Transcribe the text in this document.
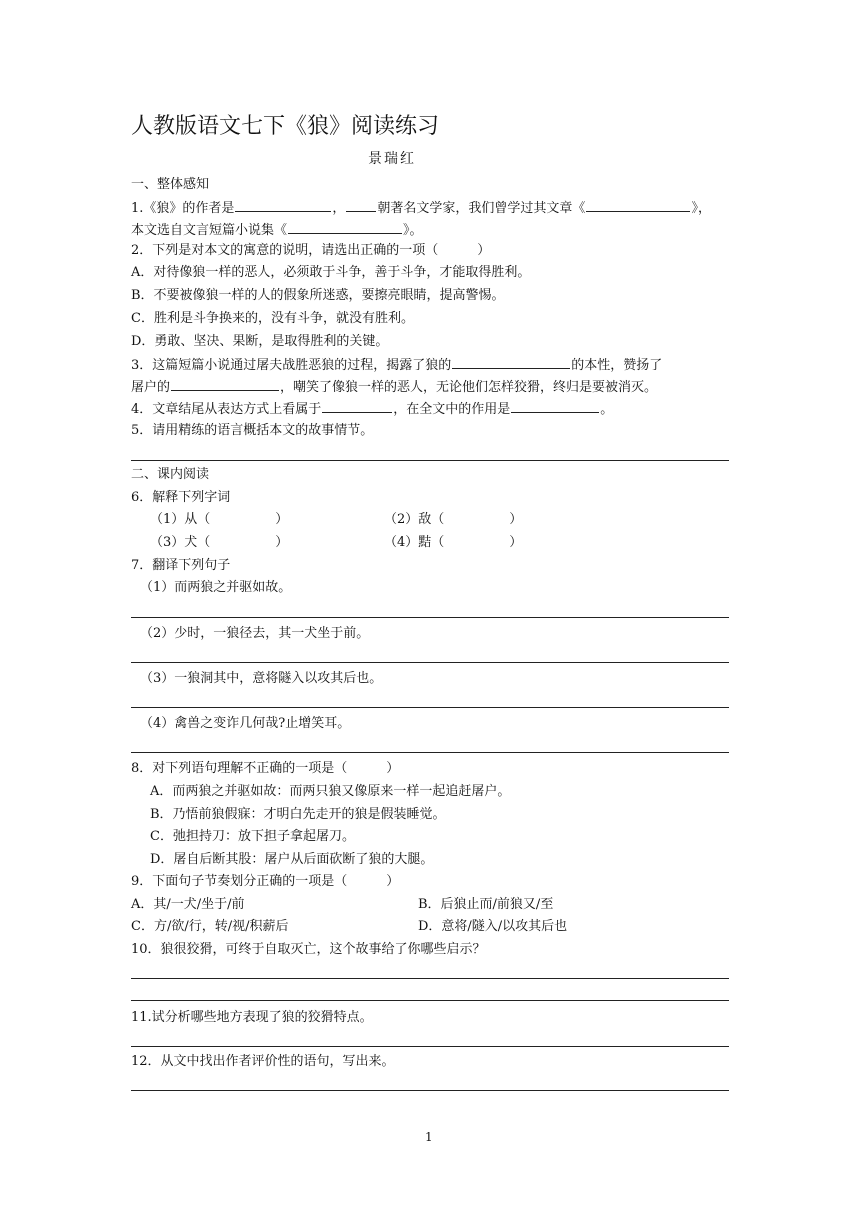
人教版语文七下《狼》阅读练习
景瑞红
一、整体感知
1.《狼》的作者是	， 朝著名文学家，我们曾学过其文章《	》，
本文选自文言短篇小说集《	》。
2．下列是对本文的寓意的说明，请选出正确的一项（　　　）
A．对待像狼一样的恶人，必须敢于斗争，善于斗争，才能取得胜利。
B．不要被像狼一样的人的假象所迷惑，要擦亮眼睛，提高警惕。
C．胜利是斗争换来的，没有斗争，就没有胜利。
D．勇敢、坚决、果断，是取得胜利的关键。
3．这篇短篇小说通过屠夫战胜恶狼的过程，揭露了狼的	的本性，赞扬了
屠户的	，嘲笑了像狼一样的恶人，无论他们怎样狡猾，终归是要被消灭。
4．文章结尾从表达方式上看属于	，在全文中的作用是	。
5．请用精练的语言概括本文的故事情节。
二、课内阅读
6．解释下列字词
（1）从（　　　　　）	（2）敌（　　　　　）
（3）犬（　　　　　）	（4）黠（　　　　　）
7．翻译下列句子
（1）而两狼之并驱如故。
（2）少时，一狼径去，其一犬坐于前。
（3）一狼洞其中，意将隧入以攻其后也。
（4）禽兽之变诈几何哉?止增笑耳。
8．对下列语句理解不正确的一项是（　　　）
A．而两狼之并驱如故：而两只狼又像原来一样一起追赶屠户。
B．乃悟前狼假寐：才明白先走开的狼是假装睡觉。
C．弛担持刀：放下担子拿起屠刀。
D．屠自后断其股：屠户从后面砍断了狼的大腿。
9．下面句子节奏划分正确的一项是（　　　）
A．其/一犬/坐于/前	B．后狼止而/前狼又/至
C．方/欲/行，转/视/积薪后	D．意将/隧入/以攻其后也
10．狼很狡猾，可终于自取灭亡，这个故事给了你哪些启示？
11.试分析哪些地方表现了狼的狡猾特点。
12．从文中找出作者评价性的语句，写出来。
1
